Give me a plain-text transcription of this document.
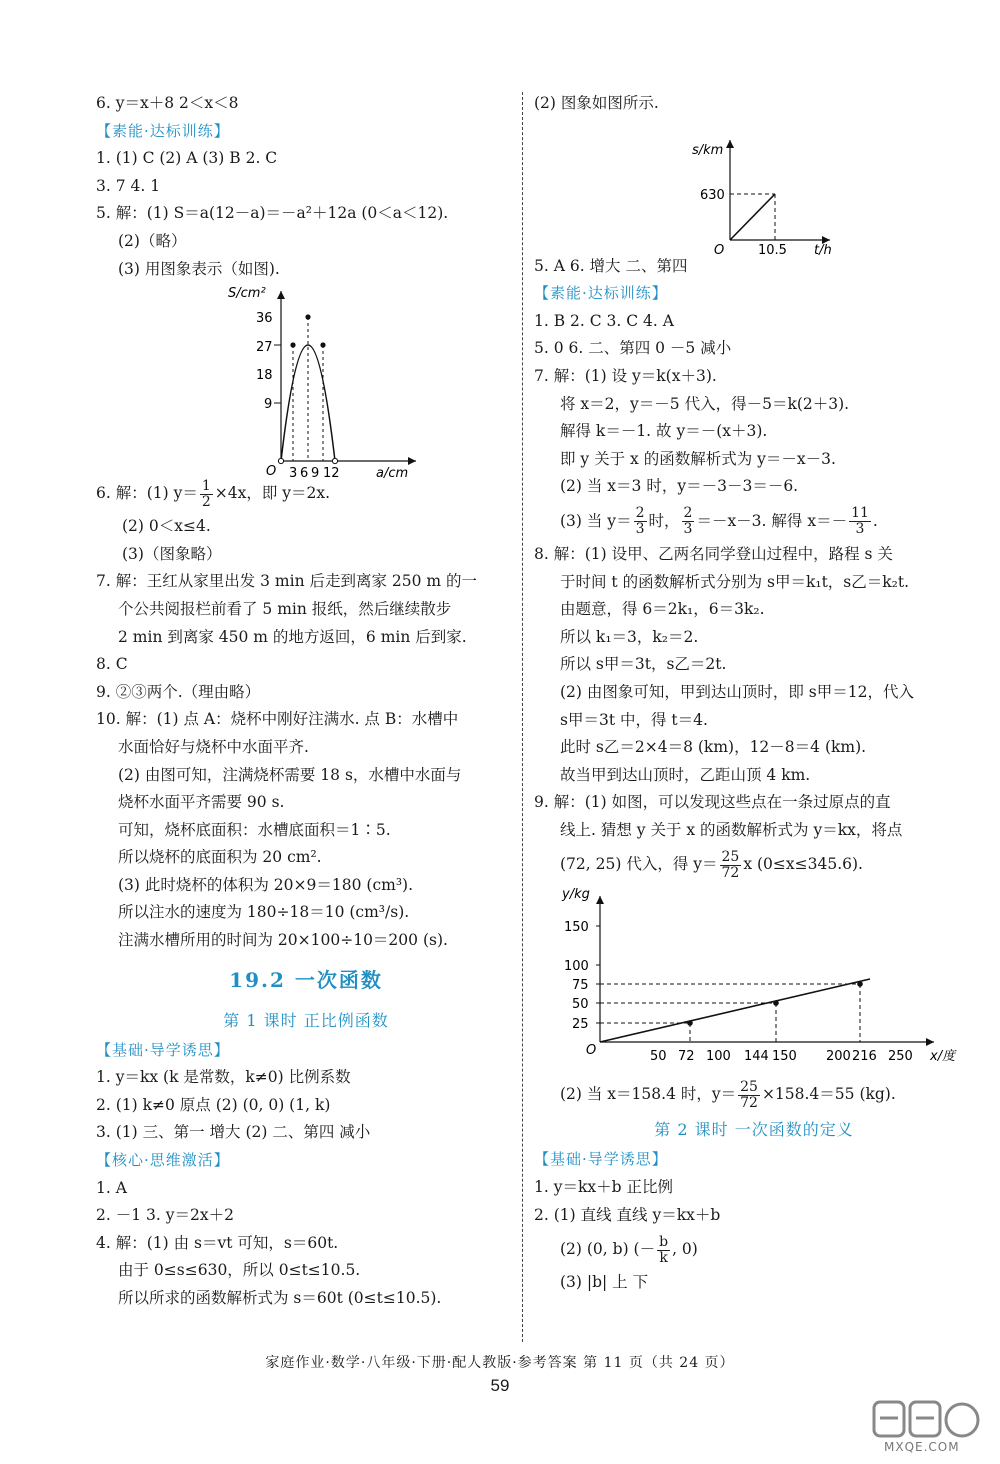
6. y＝x＋8 2＜x＜8
【素能·达标训练】
1. (1) C (2) A (3) B 2. C
3. 7 4. 1
5. 解：(1) S＝a(12－a)＝－a²＋12a (0＜a＜12).
(2)（略）
(3) 用图象表示（如图).
S/cm²
a/cm
O
36
27
18
9
3 6 9 12
6. 解：(1) $y= \frac{1}{2} \times 4x$，即 y＝2x.
(2) 0＜x≤4.
(3)（图象略）
7. 解：王红从家里出发 3 min 后走到离家 250 m 的一
个公共阅报栏前看了 5 min 报纸，然后继续散步
2 min 到离家 450 m 的地方返回，6 min 后到家.
8. C
9. ②③两个.（理由略）
10. 解：(1) 点 A：烧杯中刚好注满水. 点 B：水槽中
水面恰好与烧杯中水面平齐.
(2) 由图可知，注满烧杯需要 18 s，水槽中水面与
烧杯水面平齐需要 90 s.
可知，烧杯底面积：水槽底面积＝1∶5.
所以烧杯的底面积为 20 cm².
(3) 此时烧杯的体积为 20×9＝180 (cm³).
所以注水的速度为 180÷18＝10 (cm³/s).
注满水槽所用的时间为 20×100÷10＝200 (s).
19.2 一次函数
第 1 课时 正比例函数
【基础·导学诱思】
1. y＝kx (k 是常数，k≠0) 比例系数
2. (1) k≠0 原点 (2) (0, 0) (1, k)
3. (1) 三、第一 增大 (2) 二、第四 减小
【核心·思维激活】
1. A
2. －1 3. y＝2x＋2
4. 解：(1) 由 s＝vt 可知，s＝60t.
由于 0≤s≤630，所以 0≤t≤10.5.
所以所求的函数解析式为 s＝60t (0≤t≤10.5).
(2) 图象如图所示.
s/km
t/h
O
630
10.5
5. A 6. 增大 二、第四
【素能·达标训练】
1. B 2. C 3. C 4. A
5. 0 6. 二、第四 0 －5 减小
7. 解：(1) 设 y＝k(x＋3).
将 x＝2，y＝－5 代入，得－5＝k(2＋3).
解得 k＝－1. 故 y＝－(x＋3).
即 y 关于 x 的函数解析式为 y＝－x－3.
(2) 当 x＝3 时，y＝－3－3＝－6.
(3) 当 $y= \frac{2}{3}$ 时， $\frac{2}{3} =-x-3$. 解得 $x=- \frac{11}{3}$ .
8. 解：(1) 设甲、乙两名同学登山过程中，路程 s 关
于时间 t 的函数解析式分别为 s甲＝k₁t，s乙＝k₂t.
由题意，得 6＝2k₁，6＝3k₂.
所以 k₁＝3，k₂＝2.
所以 s甲＝3t，s乙＝2t.
(2) 由图象可知，甲到达山顶时，即 s甲＝12，代入
s甲＝3t 中，得 t＝4.
此时 s乙＝2×4＝8 (km)，12－8＝4 (km).
故当甲到达山顶时，乙距山顶 4 km.
9. 解：(1) 如图，可以发现这些点在一条过原点的直
线上. 猜想 y 关于 x 的函数解析式为 y＝kx，将点
(72, 25) 代入，得 $y= \frac{25}{72}$ x (0≤x≤345.6).
y/kg
x/度
O
150
100
75
50
25
50 72 100 144 150 200 216 250
(2) 当 x＝158.4 时，$y= \frac{25}{72} \times 158.4=55$ (kg).
第 2 课时 一次函数的定义
【基础·导学诱思】
1. y＝kx＋b 正比例
2. (1) 直线 直线 y＝kx＋b
(2) (0, b) (－ $\frac{b}{k}$ , 0)
(3) |b| 上 下
家庭作业·数学·八年级·下册·配人教版·参考答案 第 11 页（共 24 页）
59
MXQE.COM
